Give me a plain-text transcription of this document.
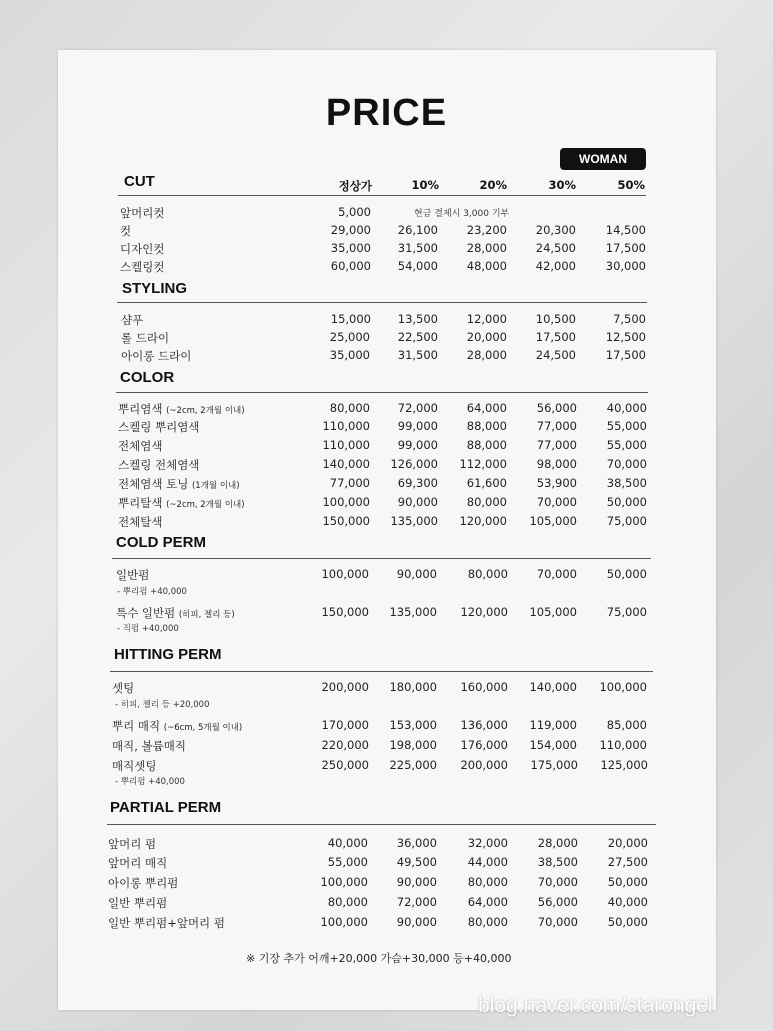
PRICE
WOMAN
정상가	10%	20%	30%	50%
CUT
앞머리컷	5,000	현금 결제시 3,000 기부
컷	29,000 26,100	23,200	20,300	14,500
디자인컷	35,000 31,500	28,000	24,500	17,500
스켈링컷	60,000 54,000	48,000	42,000	30,000
STYLING
샴푸	15,000 13,500	12,000	10,500	7,500
롤 드라이	25,000 22,500	20,000	17,500	12,500
아이롱 드라이	35,000 31,500	28,000	24,500	17,500
COLOR
뿌리염색 (~2cm, 2개월 이내)	80,000 72,000	64,000	56,000	40,000
스켈링 뿌리염색	110,000 99,000	88,000	77,000	55,000
전체염색	110,000 99,000	88,000	77,000	55,000
스켈링 전체염색	140,000 126,000 112,000	98,000	70,000
전체염색 토닝 (1개월 이내)	77,000 69,300	61,600	53,900	38,500
뿌리탈색 (~2cm, 2개월 이내)	100,000 90,000	80,000	70,000	50,000
전체탈색	150,000 135,000 120,000 105,000	75,000
COLD PERM
일반펌	100,000 90,000	80,000	70,000	50,000
- 뿌리펌 +40,000
특수 일반펌 (히피, 젤리 등)	150,000 135,000 120,000 105,000	75,000
- 직펌 +40,000
HITTING PERM
셋팅	200,000 180,000 160,000 140,000 100,000
- 히피, 젤리 등 +20,000
뿌리 매직 (~6cm, 5개월 이내)	170,000 153,000 136,000 119,000	85,000
매직, 볼륨매직	220,000 198,000 176,000 154,000 110,000
매직셋팅	250,000 225,000 200,000 175,000 125,000
- 뿌리펌 +40,000
PARTIAL PERM
앞머리 펌	40,000	36,000	32,000	28,000	20,000
앞머리 매직	55,000	49,500	44,000	38,500	27,500
아이롱 뿌리펌	100,000	90,000	80,000	70,000	50,000
일반 뿌리펌	80,000	72,000	64,000	56,000	40,000
일반 뿌리펌+앞머리 펌	100,000	90,000	80,000	70,000	50,000
※ 기장 추가 어깨+20,000 가슴+30,000 등+40,000
blog.naver.com/starongel
